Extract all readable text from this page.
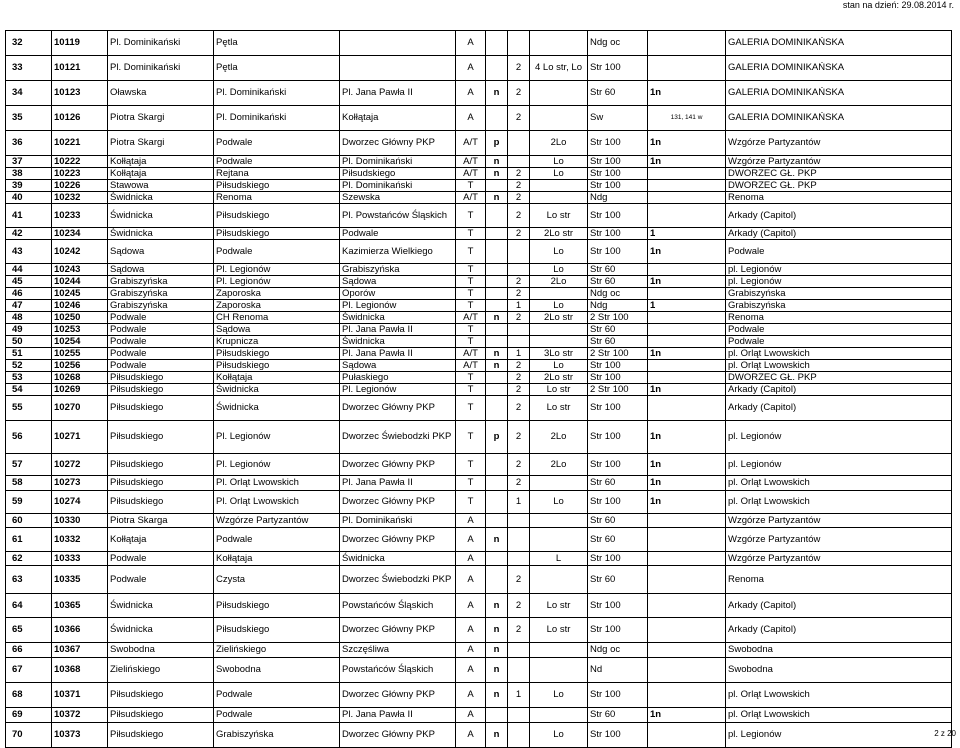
stan na dzień: 29.08.2014 r.
32	10119	Pl. Dominikański	Pętla		A				Ndg oc		GALERIA DOMINIKAŃSKA
33	10121	Pl. Dominikański	Pętla		A		2	4 Lo str, Lo	Str 100		GALERIA DOMINIKAŃSKA
34	10123	Oławska	Pl. Dominikański	Pl. Jana Pawła II	A	n	2		Str 60	1n	GALERIA DOMINIKAŃSKA
35	10126	Piotra Skargi	Pl. Dominikański	Kołłątaja	A		2		Sw	131, 141 w	GALERIA DOMINIKAŃSKA
36	10221	Piotra Skargi	Podwale	Dworzec Główny PKP	A/T	p		2Lo	Str 100	1n	Wzgórze Partyzantów
37	10222	Kołłątaja	Podwale	Pl. Dominikański	A/T	n		Lo	Str 100	1n	Wzgórze Partyzantów
38	10223	Kołłątaja	Rejtana	Piłsudskiego	A/T	n	2	Lo	Str 100		DWORZEC GŁ. PKP
39	10226	Stawowa	Piłsudskiego	Pl. Dominikański	T		2		Str 100		DWORZEC GŁ. PKP
40	10232	Świdnicka	Renoma	Szewska	A/T	n	2		Ndg		Renoma
41	10233	Świdnicka	Piłsudskiego	Pl. Powstańców Śląskich	T		2	Lo str	Str 100		Arkady (Capitol)
42	10234	Świdnicka	Piłsudskiego	Podwale	T		2	2Lo str	Str 100	1	Arkady (Capitol)
43	10242	Sądowa	Podwale	Kazimierza Wielkiego	T			Lo	Str 100	1n	Podwale
44	10243	Sądowa	Pl. Legionów	Grabiszyńska	T			Lo	Str 60		pl. Legionów
45	10244	Grabiszyńska	Pl. Legionów	Sądowa	T		2	2Lo	Str 60	1n	pl. Legionów
46	10245	Grabiszyńska	Zaporoska	Oporów	T		2		Ndg oc		Grabiszyńska
47	10246	Grabiszyńska	Zaporoska	Pl. Legionów	T		1	Lo	Ndg	1	Grabiszyńska
48	10250	Podwale	CH Renoma	Świdnicka	A/T	n	2	2Lo str	2 Str 100		Renoma
49	10253	Podwale	Sądowa	Pl. Jana Pawła II	T				Str 60		Podwale
50	10254	Podwale	Krupnicza	Świdnicka	T				Str 60		Podwale
51	10255	Podwale	Piłsudskiego	Pl. Jana Pawła II	A/T	n	1	3Lo str	2 Str 100	1n	pl. Orląt Lwowskich
52	10256	Podwale	Piłsudskiego	Sądowa	A/T	n	2	Lo	Str 100		pl. Orląt Lwowskich
53	10268	Piłsudskiego	Kołłątaja	Pułaskiego	T		2	2Lo str	Str 100		DWORZEC GŁ. PKP
54	10269	Piłsudskiego	Świdnicka	Pl. Legionów	T		2	Lo str	2 Str 100	1n	Arkady (Capitol)
55	10270	Piłsudskiego	Świdnicka	Dworzec Główny PKP	T		2	Lo str	Str 100		Arkady (Capitol)
56	10271	Piłsudskiego	Pl. Legionów	Dworzec Świebodzki PKP	T	p	2	2Lo	Str 100	1n	pl. Legionów
57	10272	Piłsudskiego	Pl. Legionów	Dworzec Główny PKP	T		2	2Lo	Str 100	1n	pl. Legionów
58	10273	Piłsudskiego	Pl. Orląt Lwowskich	Pl. Jana Pawła II	T		2		Str 60	1n	pl. Orląt Lwowskich
59	10274	Piłsudskiego	Pl. Orląt Lwowskich	Dworzec Główny PKP	T		1	Lo	Str 100	1n	pl. Orląt Lwowskich
60	10330	Piotra Skarga	Wzgórze Partyzantów	Pl. Dominikański	A				Str 60		Wzgórze Partyzantów
61	10332	Kołłątaja	Podwale	Dworzec Główny PKP	A	n			Str 60		Wzgórze Partyzantów
62	10333	Podwale	Kołłątaja	Świdnicka	A			L	Str 100		Wzgórze Partyzantów
63	10335	Podwale	Czysta	Dworzec Świebodzki PKP	A		2		Str 60		Renoma
64	10365	Świdnicka	Piłsudskiego	Powstańców Śląskich	A	n	2	Lo str	Str 100		Arkady (Capitol)
65	10366	Świdnicka	Piłsudskiego	Dworzec Główny PKP	A	n	2	Lo str	Str 100		Arkady (Capitol)
66	10367	Swobodna	Zielińskiego	Szczęśliwa	A	n			Ndg oc		Swobodna
67	10368	Zielińskiego	Swobodna	Powstańców Śląskich	A	n			Nd		Swobodna
68	10371	Piłsudskiego	Podwale	Dworzec Główny PKP	A	n	1	Lo	Str 100		pl. Orląt Lwowskich
69	10372	Piłsudskiego	Podwale	Pl. Jana Pawła II	A				Str 60	1n	pl. Orląt Lwowskich
70	10373	Piłsudskiego	Grabiszyńska	Dworzec Główny PKP	A	n		Lo	Str 100		pl. Legionów	2 z 20
